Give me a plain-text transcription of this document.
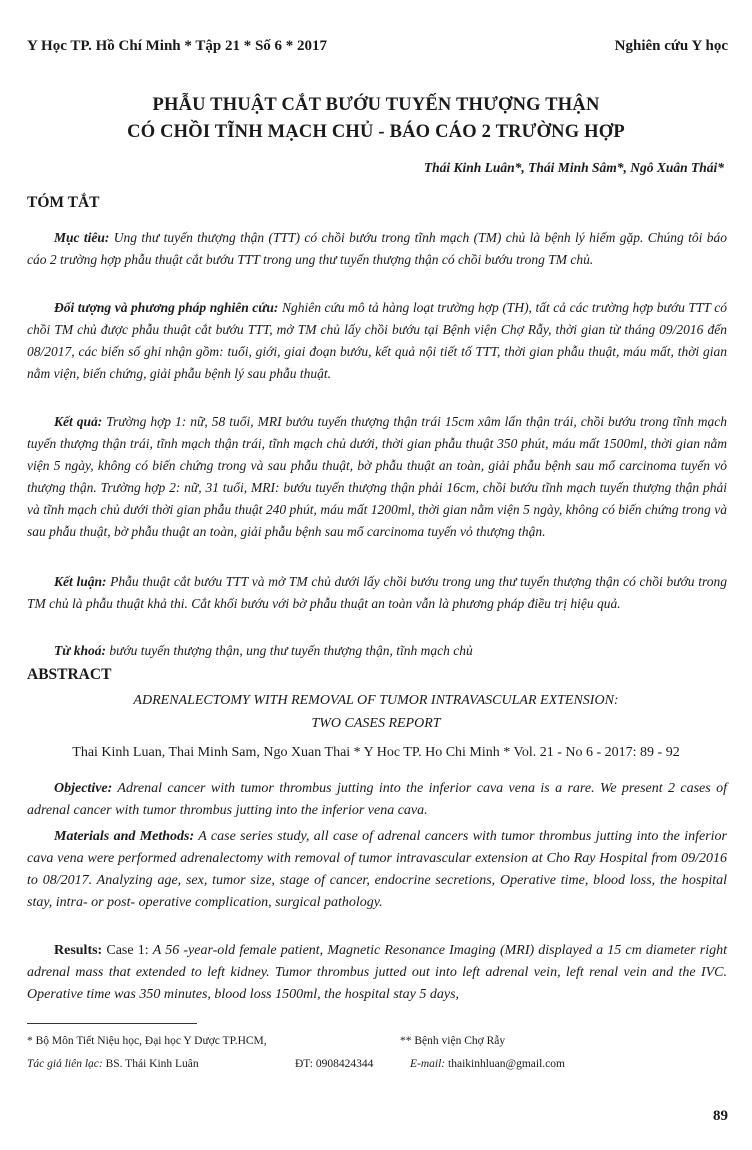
Y Học TP. Hồ Chí Minh * Tập 21 * Số 6 * 2017	Nghiên cứu Y học
PHẪU THUẬT CẮT BƯỚU TUYẾN THƯỢNG THẬN
CÓ CHỒI TĨNH MẠCH CHỦ - BÁO CÁO 2 TRƯỜNG HỢP
Thái Kinh Luân*, Thái Minh Sâm*, Ngô Xuân Thái*
TÓM TẮT

Mục tiêu: Ung thư tuyến thượng thận (TTT) có chồi bướu trong tĩnh mạch (TM) chủ là bệnh lý hiếm gặp. Chúng tôi báo cáo 2 trường hợp phẫu thuật cắt bướu TTT trong ung thư tuyến thượng thận có chồi bướu trong TM chủ.

Đối tượng và phương pháp nghiên cứu: Nghiên cứu mô tả hàng loạt trường hợp (TH), tất cả các trường hợp bướu TTT có chồi TM chủ được phẫu thuật cắt bướu TTT, mở TM chủ lấy chồi bướu tại Bệnh viện Chợ Rẫy, thời gian từ tháng 09/2016 đến 08/2017, các biến số ghi nhận gồm: tuổi, giới, giai đoạn bướu, kết quả nội tiết tố TTT, thời gian phẫu thuật, máu mất, thời gian nằm viện, biến chứng, giải phẫu bệnh lý sau phẫu thuật.

Kết quả: Trường hợp 1: nữ, 58 tuổi, MRI bướu tuyến thượng thận trái 15cm xâm lấn thận trái, chồi bướu trong tĩnh mạch tuyến thượng thận trái, tĩnh mạch thận trái, tĩnh mạch chủ dưới, thời gian phẫu thuật 350 phút, máu mất 1500ml, thời gian nằm viện 5 ngày, không có biến chứng trong và sau phẫu thuật, bờ phẫu thuật an toàn, giải phẫu bệnh sau mổ carcinoma tuyến vỏ thượng thận. Trường hợp 2: nữ, 31 tuổi, MRI: bướu tuyến thượng thận phải 16cm, chồi bướu tĩnh mạch tuyến thượng thận phải và tĩnh mạch chủ dưới thời gian phẫu thuật 240 phút, máu mất 1200ml, thời gian nằm viện 5 ngày, không có biến chứng trong và sau phẫu thuật, bờ phẫu thuật an toàn, giải phẫu bệnh sau mổ carcinoma tuyến vỏ thượng thận.

Kết luận: Phẫu thuật cắt bướu TTT và mở TM chủ dưới lấy chồi bướu trong ung thư tuyến thượng thận có chồi bướu trong TM chủ là phẫu thuật khả thi. Cắt khối bướu với bờ phẫu thuật an toàn vẫn là phương pháp điều trị hiệu quả.

Từ khoá: bướu tuyến thượng thận, ung thư tuyến thượng thận, tĩnh mạch chủ

ABSTRACT
ADRENALECTOMY WITH REMOVAL OF TUMOR INTRAVASCULAR EXTENSION:
TWO CASES REPORT
Thai Kinh Luan, Thai Minh Sam, Ngo Xuan Thai * Y Hoc TP. Ho Chi Minh * Vol. 21 - No 6 - 2017: 89 - 92

Objective: Adrenal cancer with tumor thrombus jutting into the inferior cava vena is a rare. We present 2 cases of adrenal cancer with tumor thrombus jutting into the inferior vena cava.

Materials and Methods: A case series study, all case of adrenal cancers with tumor thrombus jutting into the inferior cava vena were performed adrenalectomy with removal of tumor intravascular extension at Cho Ray Hospital from 09/2016 to 08/2017. Analyzing age, sex, tumor size, stage of cancer, endocrine secretions, Operative time, blood loss, the hospital stay, intra- or post- operative complication, surgical pathology.

Results: Case 1: A 56 -year-old female patient, Magnetic Resonance Imaging (MRI) displayed a 15 cm diameter right adrenal mass that extended to left kidney. Tumor thrombus jutted out into left adrenal vein, left renal vein and the IVC. Operative time was 350 minutes, blood loss 1500ml, the hospital stay 5 days,

* Bộ Môn Tiết Niệu học, Đại học Y Dược TP.HCM,	** Bệnh viện Chợ Rẫy
Tác giả liên lạc: BS. Thái Kinh Luân	ĐT: 0908424344	E-mail: thaikinhluan@gmail.com
89
